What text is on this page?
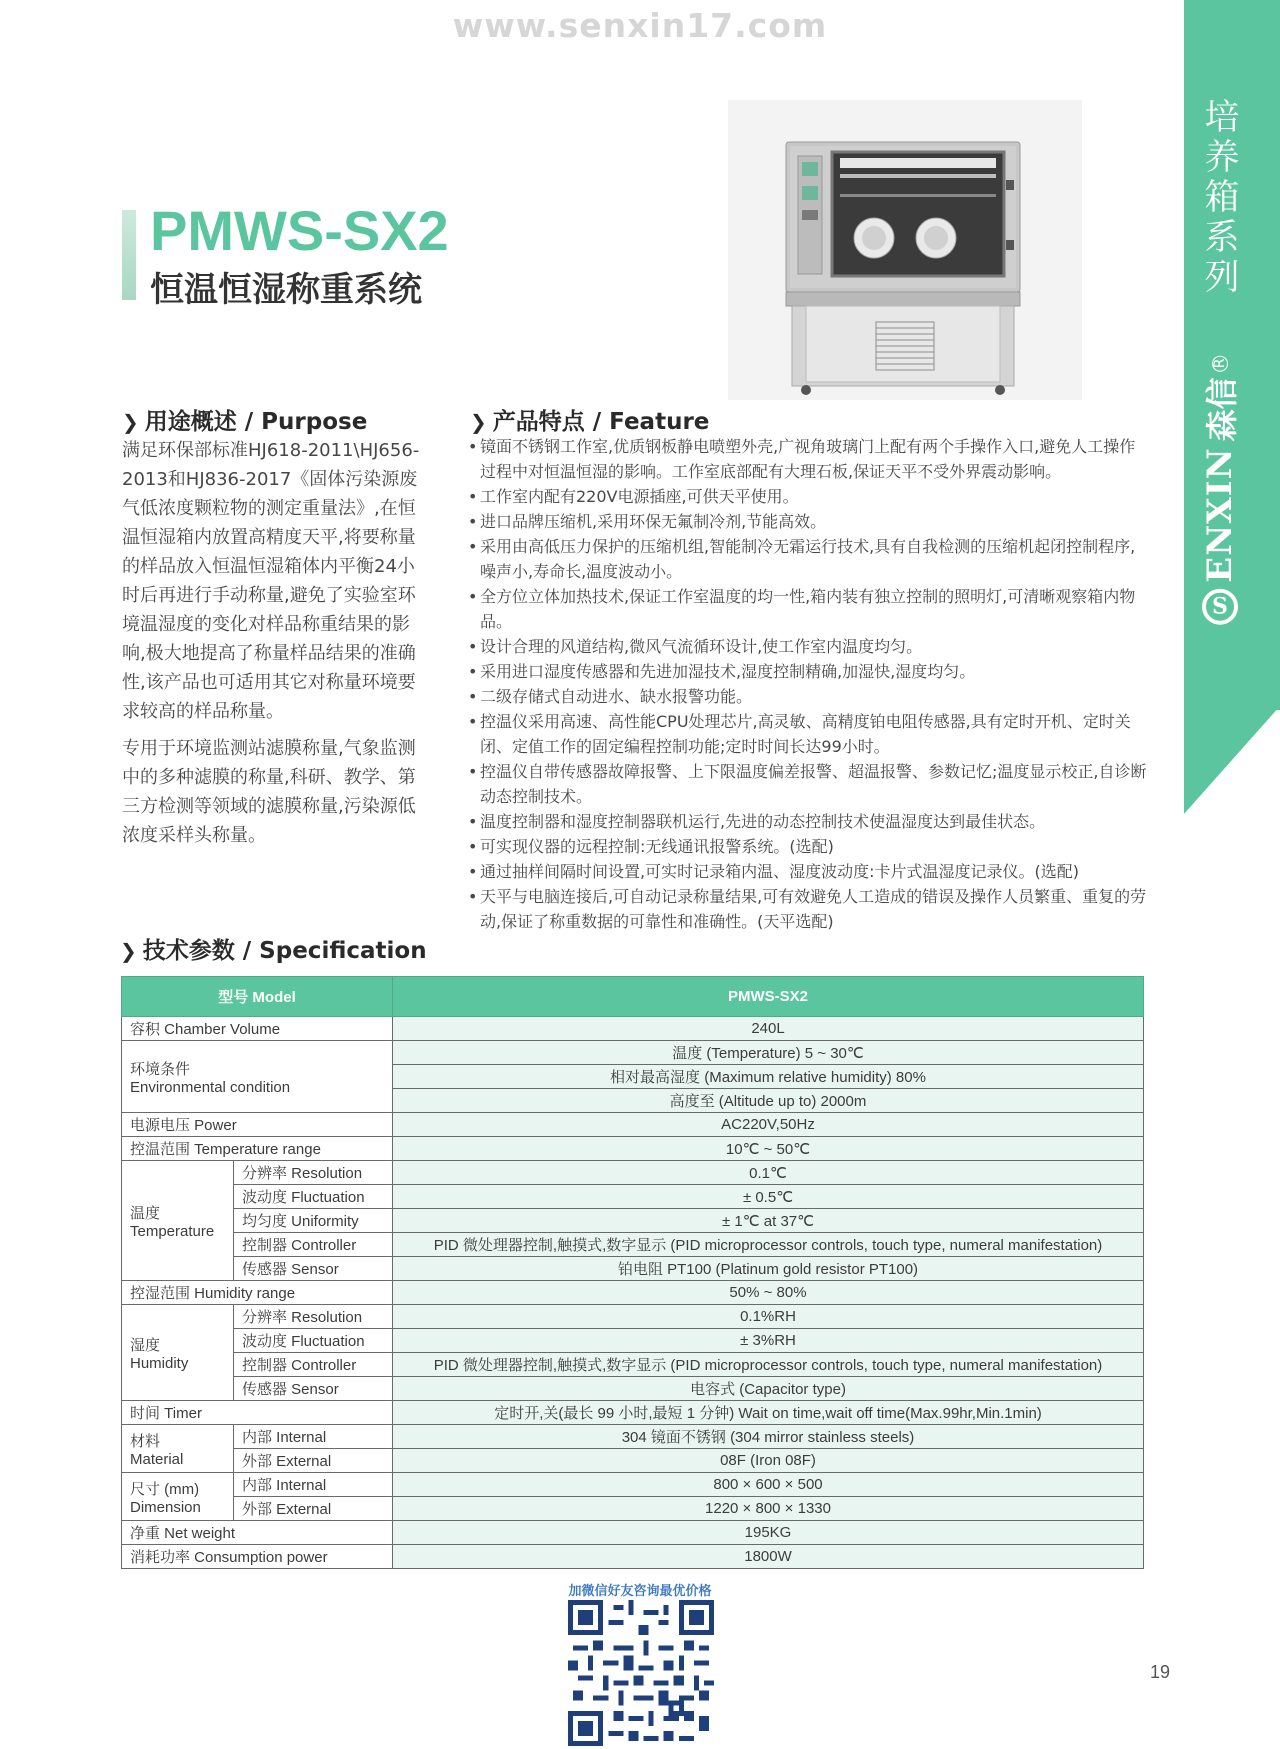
www.senxin17.com
培
养
箱
系
列
S
ENXIN
森信
R
PMWS-SX2
恒温恒湿称重系统
❯ 用途概述 / Purpose

满足环保部标准HJ618-2011\HJ656-2013和HJ836-2017《固体污染源废气低浓度颗粒物的测定重量法》,在恒温恒湿箱内放置高精度天平,将要称量的样品放入恒温恒湿箱体内平衡24小时后再进行手动称量,避免了实验室环境温湿度的变化对样品称重结果的影响,极大地提高了称量样品结果的准确性,该产品也可适用其它对称量环境要求较高的样品称量。

专用于环境监测站滤膜称量,气象监测中的多种滤膜的称量,科研、教学、第三方检测等领域的滤膜称量,污染源低浓度采样头称量。

❯ 产品特点 / Feature
• 镜面不锈钢工作室,优质钢板静电喷塑外壳,广视角玻璃门上配有两个手操作入口,避免人工操作过程中对恒温恒湿的影响。工作室底部配有大理石板,保证天平不受外界震动影响。
• 工作室内配有220V电源插座,可供天平使用。
• 进口品牌压缩机,采用环保无氟制冷剂,节能高效。
• 采用由高低压力保护的压缩机组,智能制冷无霜运行技术,具有自我检测的压缩机起闭控制程序,噪声小,寿命长,温度波动小。
• 全方位立体加热技术,保证工作室温度的均一性,箱内装有独立控制的照明灯,可清晰观察箱内物品。
• 设计合理的风道结构,微风气流循环设计,使工作室内温度均匀。
• 采用进口湿度传感器和先进加湿技术,湿度控制精确,加湿快,湿度均匀。
• 二级存储式自动进水、缺水报警功能。
• 控温仪采用高速、高性能CPU处理芯片,高灵敏、高精度铂电阻传感器,具有定时开机、定时关闭、定值工作的固定编程控制功能;定时时间长达99小时。
• 控温仪自带传感器故障报警、上下限温度偏差报警、超温报警、参数记忆;温度显示校正,自诊断动态控制技术。
• 温度控制器和湿度控制器联机运行,先进的动态控制技术使温湿度达到最佳状态。
• 可实现仪器的远程控制:无线通讯报警系统。(选配)
• 通过抽样间隔时间设置,可实时记录箱内温、湿度波动度:卡片式温湿度记录仪。(选配)
• 天平与电脑连接后,可自动记录称量结果,可有效避免人工造成的错误及操作人员繁重、重复的劳动,保证了称重数据的可靠性和准确性。(天平选配)
❯ 技术参数 / Specification
型号 Model		PMWS-SX2
容积 Chamber Volume		240L

环境条件
Environmental condition		温度 (Temperature) 5 ~ 30℃
		相对最高湿度 (Maximum relative humidity) 80%
		高度至 (Altitude up to) 2000m
电源电压 Power		AC220V,50Hz
控温范围 Temperature range		10℃ ~ 50℃

温度
Temperature	分辨率 Resolution	0.1℃
	波动度 Fluctuation	± 0.5℃
	均匀度 Uniformity	± 1℃ at 37℃
	控制器 Controller	PID 微处理器控制,触摸式,数字显示 (PID microprocessor controls, touch type, numeral manifestation)
	传感器 Sensor	铂电阻 PT100 (Platinum gold resistor PT100)
控湿范围 Humidity range		50% ~ 80%

湿度
Humidity	分辨率 Resolution	0.1%RH
	波动度 Fluctuation	± 3%RH
	控制器 Controller	PID 微处理器控制,触摸式,数字显示 (PID microprocessor controls, touch type, numeral manifestation)
	传感器 Sensor	电容式 (Capacitor type)
时间 Timer		定时开,关(最长 99 小时,最短 1 分钟) Wait on time,wait off time(Max.99hr,Min.1min)

材料
Material	内部 Internal	304 镜面不锈钢 (304 mirror stainless steels)
	外部 External	08F (Iron 08F)

尺寸 (mm)
Dimension	内部 Internal	800 × 600 × 500
	外部 External	1220 × 800 × 1330
净重 Net weight		195KG
消耗功率 Consumption power		1800W
加微信好友咨询最优价格
19
